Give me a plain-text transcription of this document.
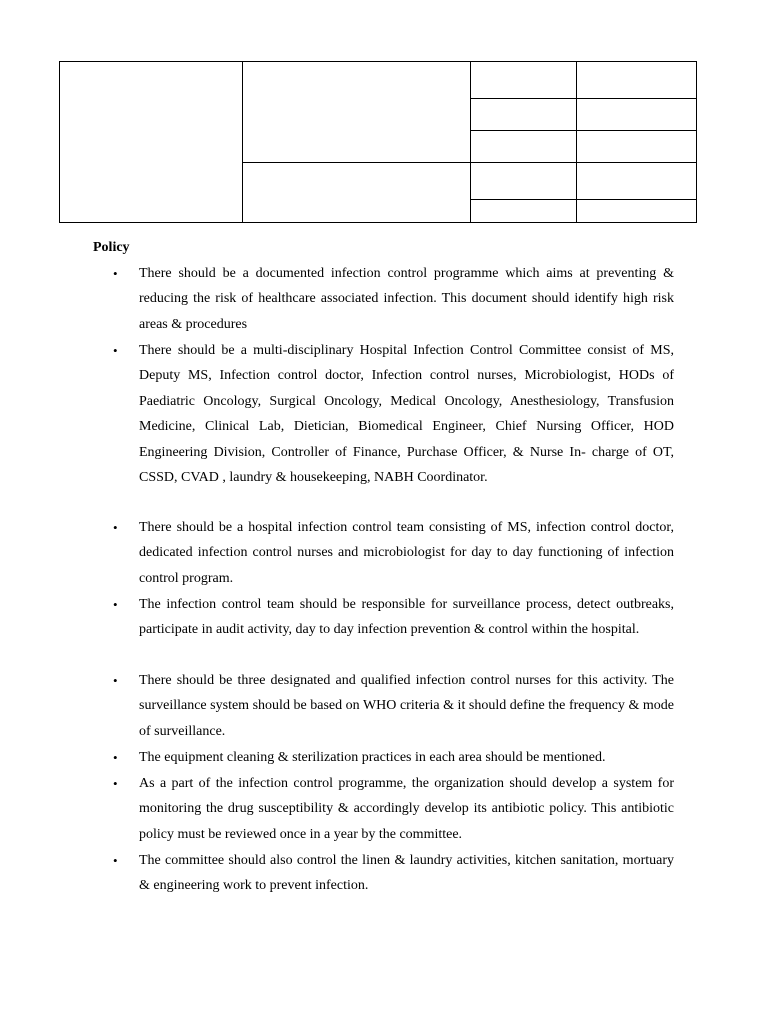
Policy
• There should be a documented infection control programme which aims at preventing & reducing the risk of healthcare associated infection. This document should identify high risk areas & procedures
• There should be a multi-disciplinary Hospital Infection Control Committee consist of MS, Deputy MS, Infection control doctor, Infection control nurses, Microbiologist, HODs of Paediatric Oncology, Surgical Oncology, Medical Oncology, Anesthesiology, Transfusion Medicine, Clinical Lab, Dietician, Biomedical Engineer, Chief Nursing Officer, HOD Engineering Division, Controller of Finance, Purchase Officer, & Nurse In- charge of OT, CSSD, CVAD , laundry & housekeeping, NABH Coordinator.
• There should be a hospital infection control team consisting of MS, infection control doctor, dedicated infection control nurses and microbiologist for day to day functioning of infection control program.
• The infection control team should be responsible for surveillance process, detect outbreaks, participate in audit activity, day to day infection prevention & control within the hospital.
• There should be three designated and qualified infection control nurses for this activity. The surveillance system should be based on WHO criteria & it should define the frequency & mode of surveillance.
• The equipment cleaning & sterilization practices in each area should be mentioned.
• As a part of the infection control programme, the organization should develop a system for monitoring the drug susceptibility & accordingly develop its antibiotic policy. This antibiotic policy must be reviewed once in a year by the committee.
• The committee should also control the linen & laundry activities, kitchen sanitation, mortuary & engineering work to prevent infection.
